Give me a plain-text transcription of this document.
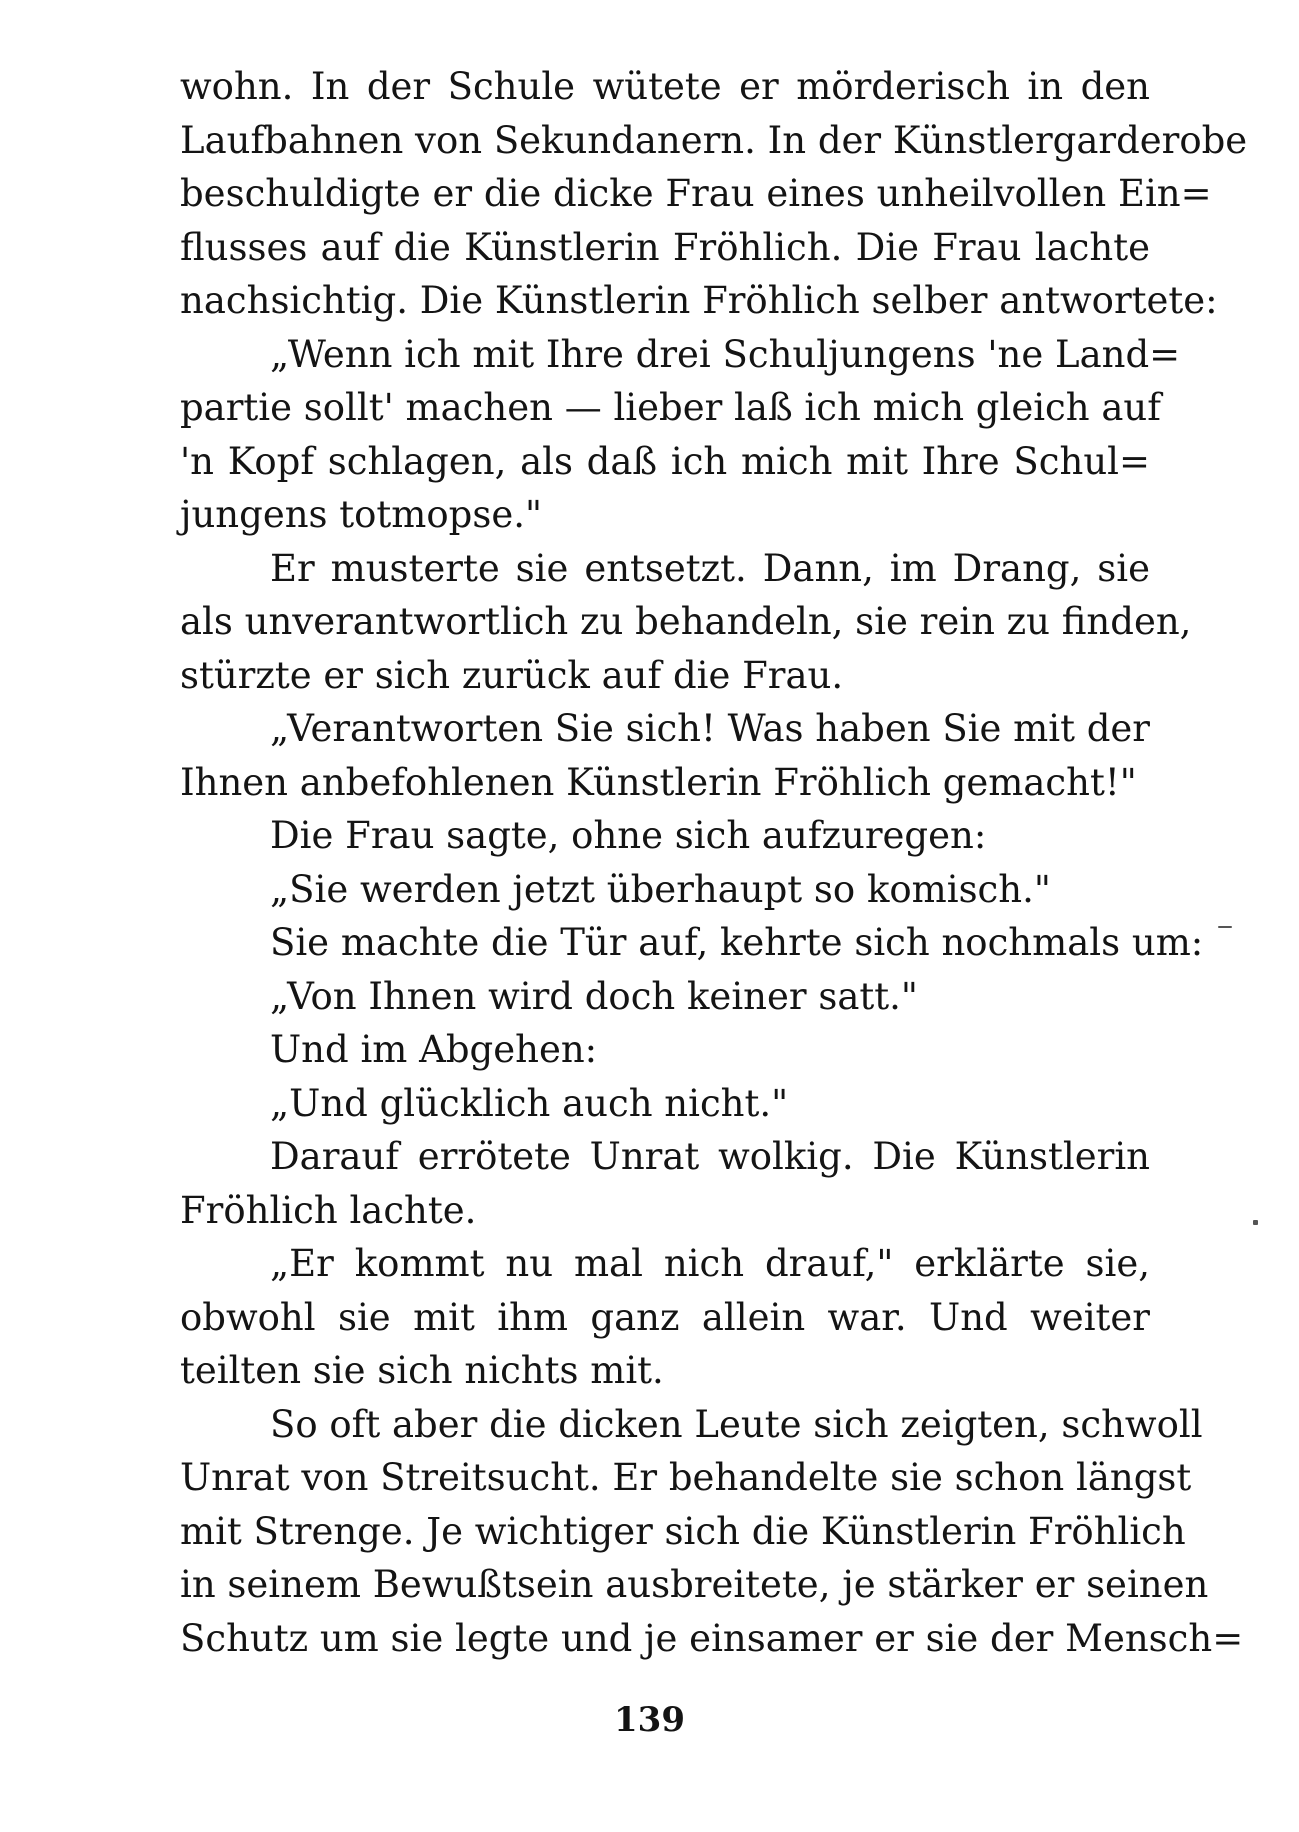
wohn. In der Schule wütete er mörderisch in den
Laufbahnen von Sekundanern. In der Künstlergarderobe
beschuldigte er die dicke Frau eines unheilvollen Ein=
flusses auf die Künstlerin Fröhlich. Die Frau lachte
nachsichtig. Die Künstlerin Fröhlich selber antwortete:
„Wenn ich mit Ihre drei Schuljungens 'ne Land=
partie sollt' machen — lieber laß ich mich gleich auf
'n Kopf schlagen, als daß ich mich mit Ihre Schul=
jungens totmopse."
Er musterte sie entsetzt. Dann, im Drang, sie
als unverantwortlich zu behandeln, sie rein zu finden,
stürzte er sich zurück auf die Frau.
„Verantworten Sie sich! Was haben Sie mit der
Ihnen anbefohlenen Künstlerin Fröhlich gemacht!"
Die Frau sagte, ohne sich aufzuregen:
„Sie werden jetzt überhaupt so komisch."
Sie machte die Tür auf, kehrte sich nochmals um:
„Von Ihnen wird doch keiner satt."
Und im Abgehen:
„Und glücklich auch nicht."
Darauf errötete Unrat wolkig. Die Künstlerin
Fröhlich lachte.
„Er kommt nu mal nich drauf," erklärte sie,
obwohl sie mit ihm ganz allein war. Und weiter
teilten sie sich nichts mit.
So oft aber die dicken Leute sich zeigten, schwoll
Unrat von Streitsucht. Er behandelte sie schon längst
mit Strenge. Je wichtiger sich die Künstlerin Fröhlich
in seinem Bewußtsein ausbreitete, je stärker er seinen
Schutz um sie legte und je einsamer er sie der Mensch=
139
